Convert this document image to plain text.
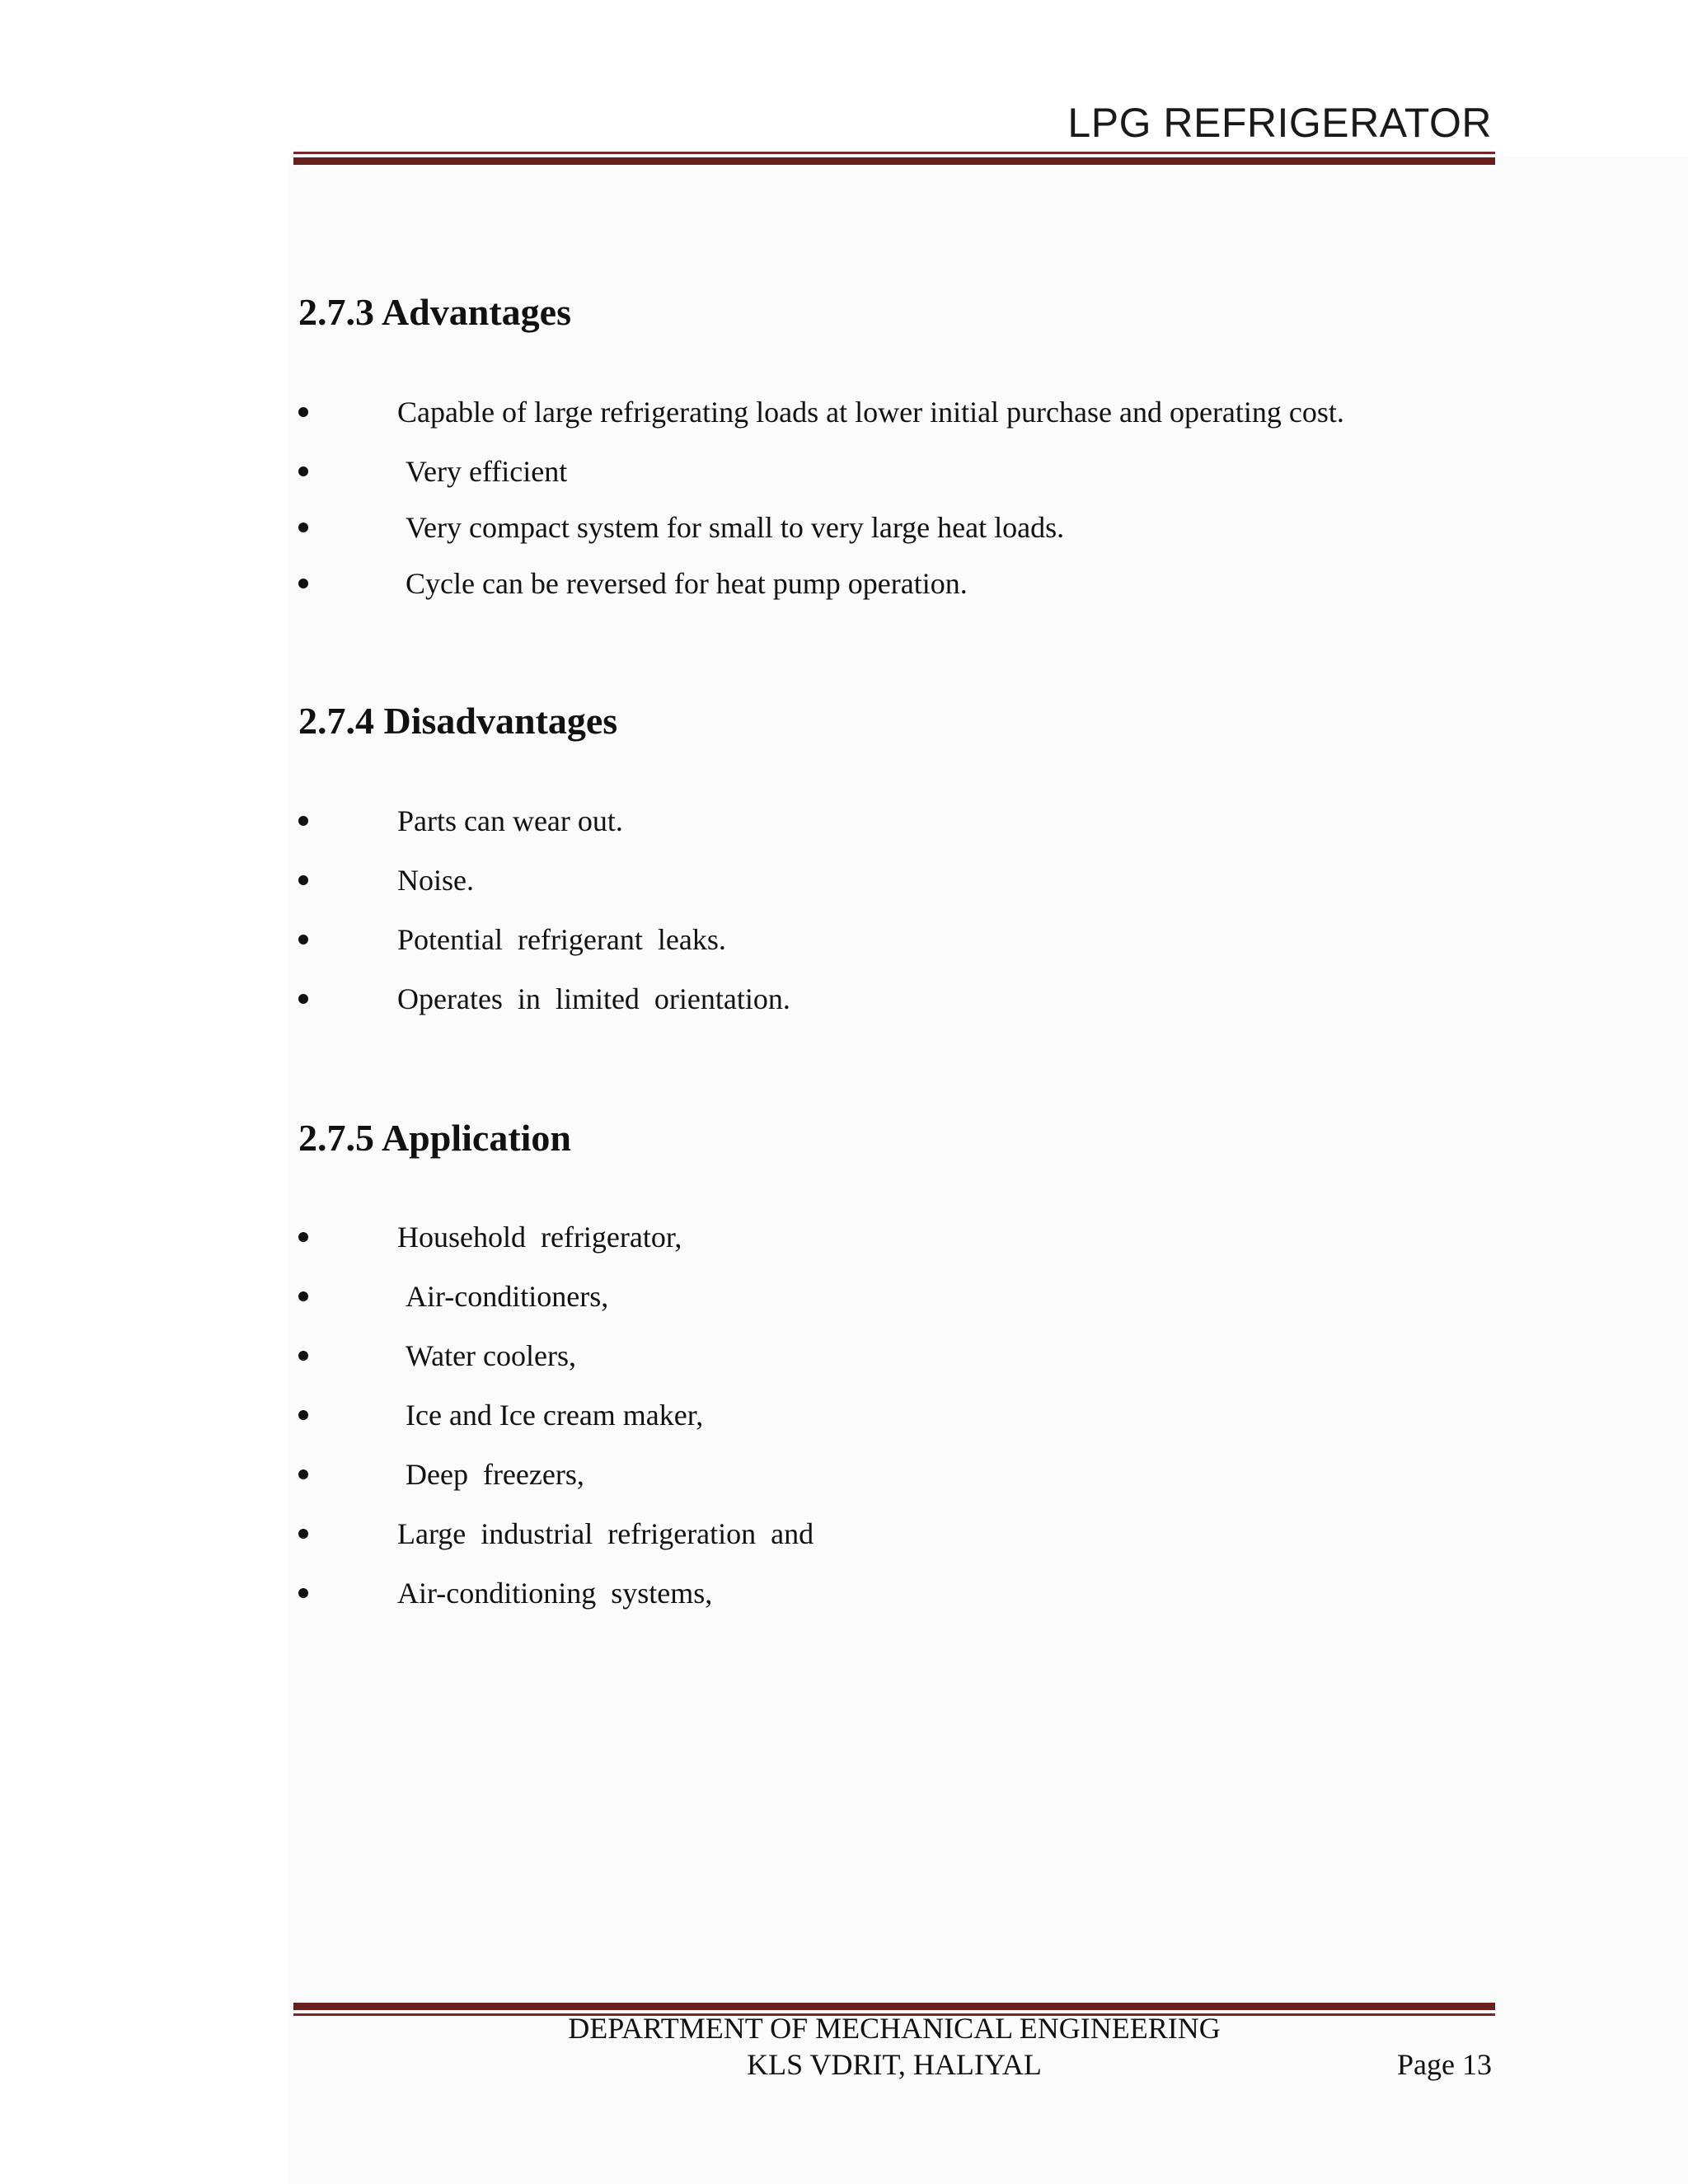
LPG REFRIGERATOR
2.7.3 Advantages
Capable of large refrigerating loads at lower initial purchase and operating cost.
Very efficient
Very compact system for small to very large heat loads.
Cycle can be reversed for heat pump operation.
2.7.4 Disadvantages
Parts can wear out.
Noise.
Potential  refrigerant  leaks.
Operates  in  limited  orientation.
2.7.5 Application
Household  refrigerator,
Air-conditioners,
Water coolers,
Ice and Ice cream maker,
Deep  freezers,
Large  industrial  refrigeration  and
Air-conditioning  systems,
DEPARTMENT OF MECHANICAL ENGINEERING
KLS VDRIT, HALIYAL	Page 13
